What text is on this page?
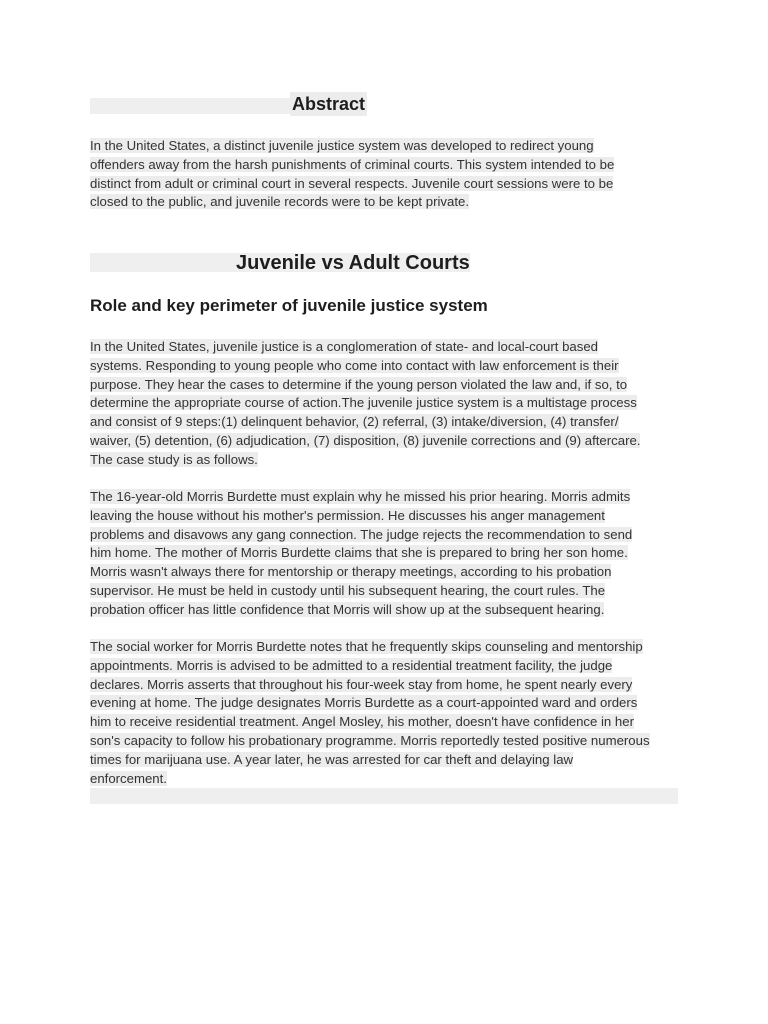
Abstract

In the United States, a distinct juvenile justice system was developed to redirect young
offenders away from the harsh punishments of criminal courts. This system intended to be
distinct from adult or criminal court in several respects. Juvenile court sessions were to be
closed to the public, and juvenile records were to be kept private.

Juvenile vs Adult Courts
Role and key perimeter of juvenile justice system

In the United States, juvenile justice is a conglomeration of state- and local-court based
systems. Responding to young people who come into contact with law enforcement is their
purpose. They hear the cases to determine if the young person violated the law and, if so, to
determine the appropriate course of action.The juvenile justice system is a multistage process
and consist of 9 steps:(1) delinquent behavior, (2) referral, (3) intake/diversion, (4) transfer/
waiver, (5) detention, (6) adjudication, (7) disposition, (8) juvenile corrections and (9) aftercare.
The case study is as follows.

The 16-year-old Morris Burdette must explain why he missed his prior hearing. Morris admits
leaving the house without his mother's permission. He discusses his anger management
problems and disavows any gang connection. The judge rejects the recommendation to send
him home. The mother of Morris Burdette claims that she is prepared to bring her son home.
Morris wasn't always there for mentorship or therapy meetings, according to his probation
supervisor. He must be held in custody until his subsequent hearing, the court rules. The
probation officer has little confidence that Morris will show up at the subsequent hearing.

The social worker for Morris Burdette notes that he frequently skips counseling and mentorship
appointments. Morris is advised to be admitted to a residential treatment facility, the judge
declares. Morris asserts that throughout his four-week stay from home, he spent nearly every
evening at home. The judge designates Morris Burdette as a court-appointed ward and orders
him to receive residential treatment. Angel Mosley, his mother, doesn't have confidence in her
son's capacity to follow his probationary programme. Morris reportedly tested positive numerous
times for marijuana use. A year later, he was arrested for car theft and delaying law
enforcement.
